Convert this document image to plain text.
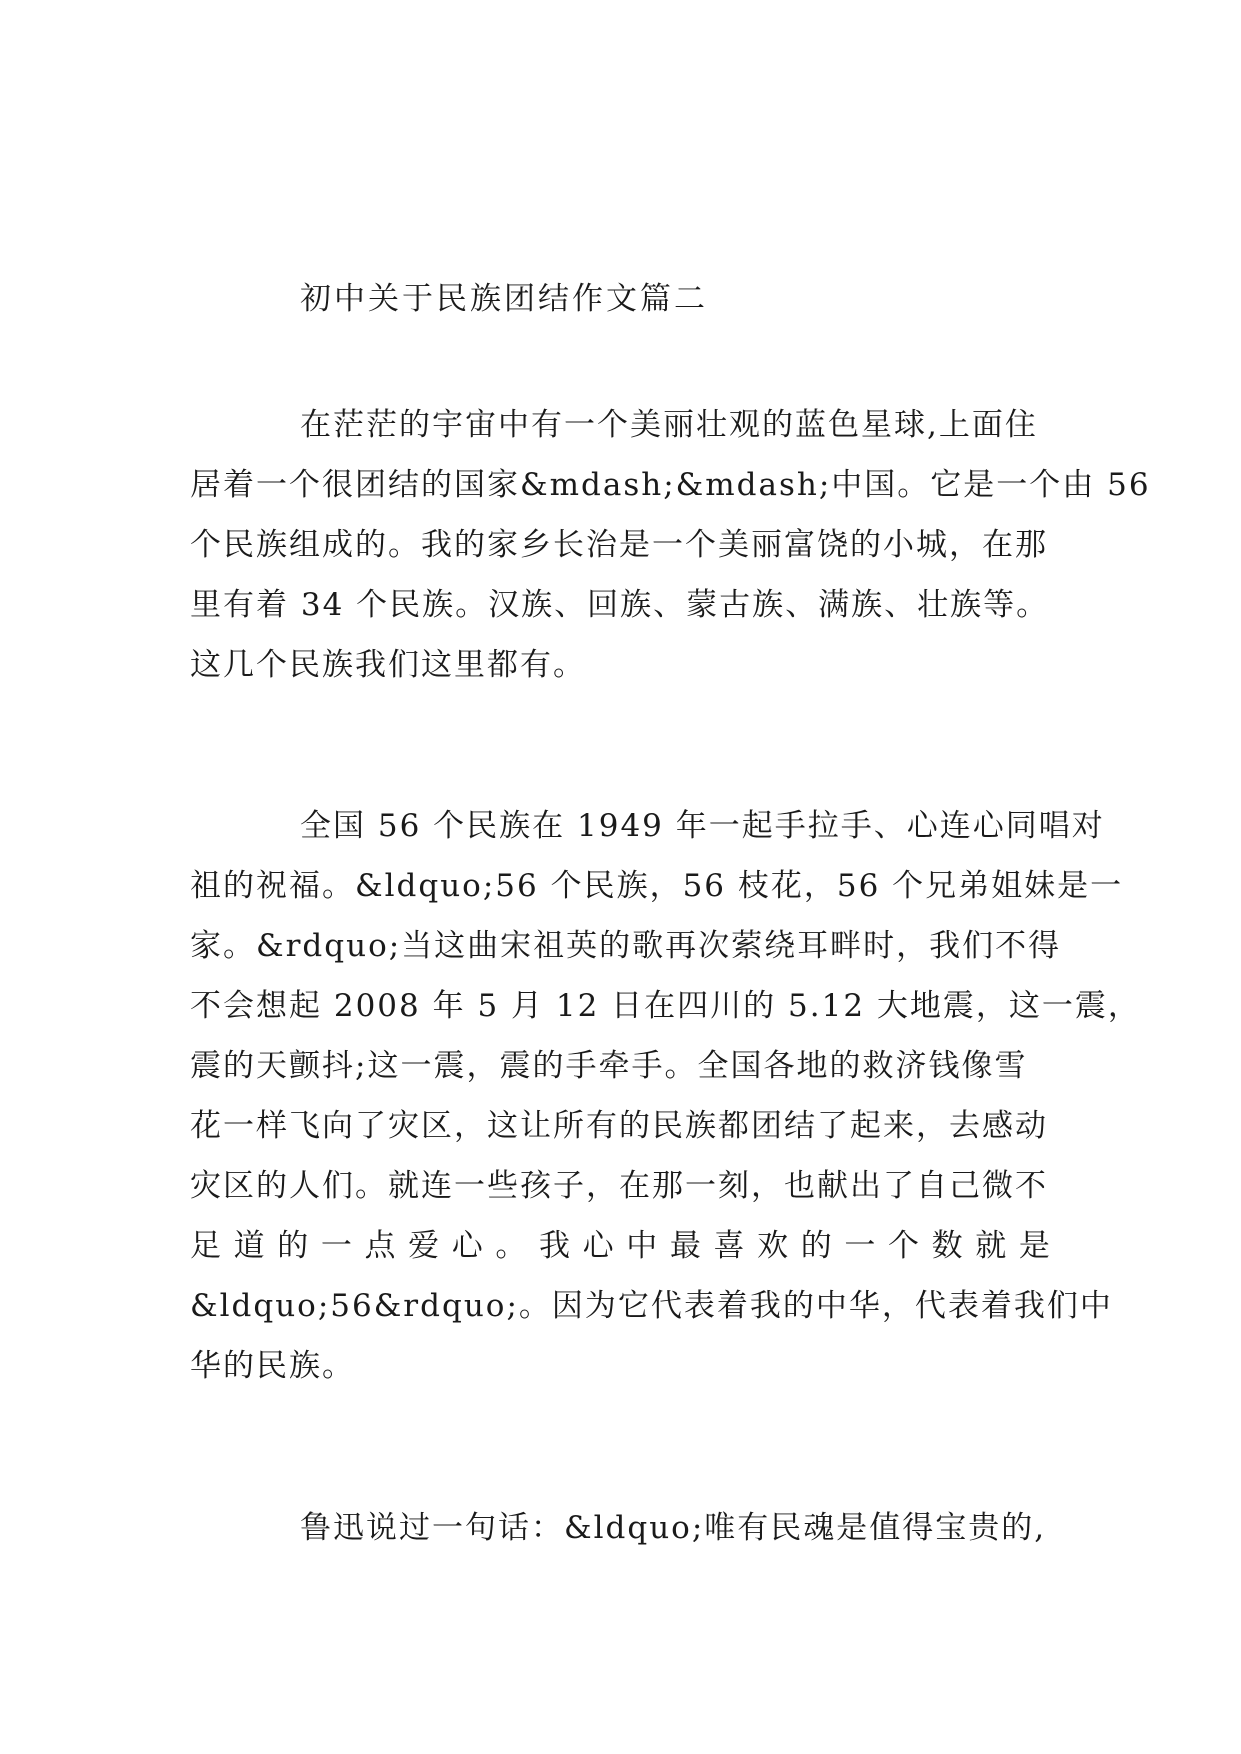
初中关于民族团结作文篇二
在茫茫的宇宙中有一个美丽壮观的蓝色星球,上面住
居着一个很团结的国家&mdash;&mdash;中国。它是一个由 56
个民族组成的。我的家乡长治是一个美丽富饶的小城，在那
里有着 34 个民族。汉族、回族、蒙古族、满族、壮族等。
这几个民族我们这里都有。
全国 56 个民族在 1949 年一起手拉手、心连心同唱对
祖的祝福。&ldquo;56 个民族，56 枝花，56 个兄弟姐妹是一
家。&rdquo;当这曲宋祖英的歌再次萦绕耳畔时，我们不得
不会想起 2008 年 5 月 12 日在四川的 5.12 大地震，这一震，
震的天颤抖;这一震，震的手牵手。全国各地的救济钱像雪
花一样飞向了灾区，这让所有的民族都团结了起来，去感动
灾区的人们。就连一些孩子，在那一刻，也献出了自己微不
足 道 的 一 点 爱 心 。 我 心 中 最 喜 欢 的 一 个 数 就 是
&ldquo;56&rdquo;。因为它代表着我的中华，代表着我们中
华的民族。
鲁迅说过一句话：&ldquo;唯有民魂是值得宝贵的,
